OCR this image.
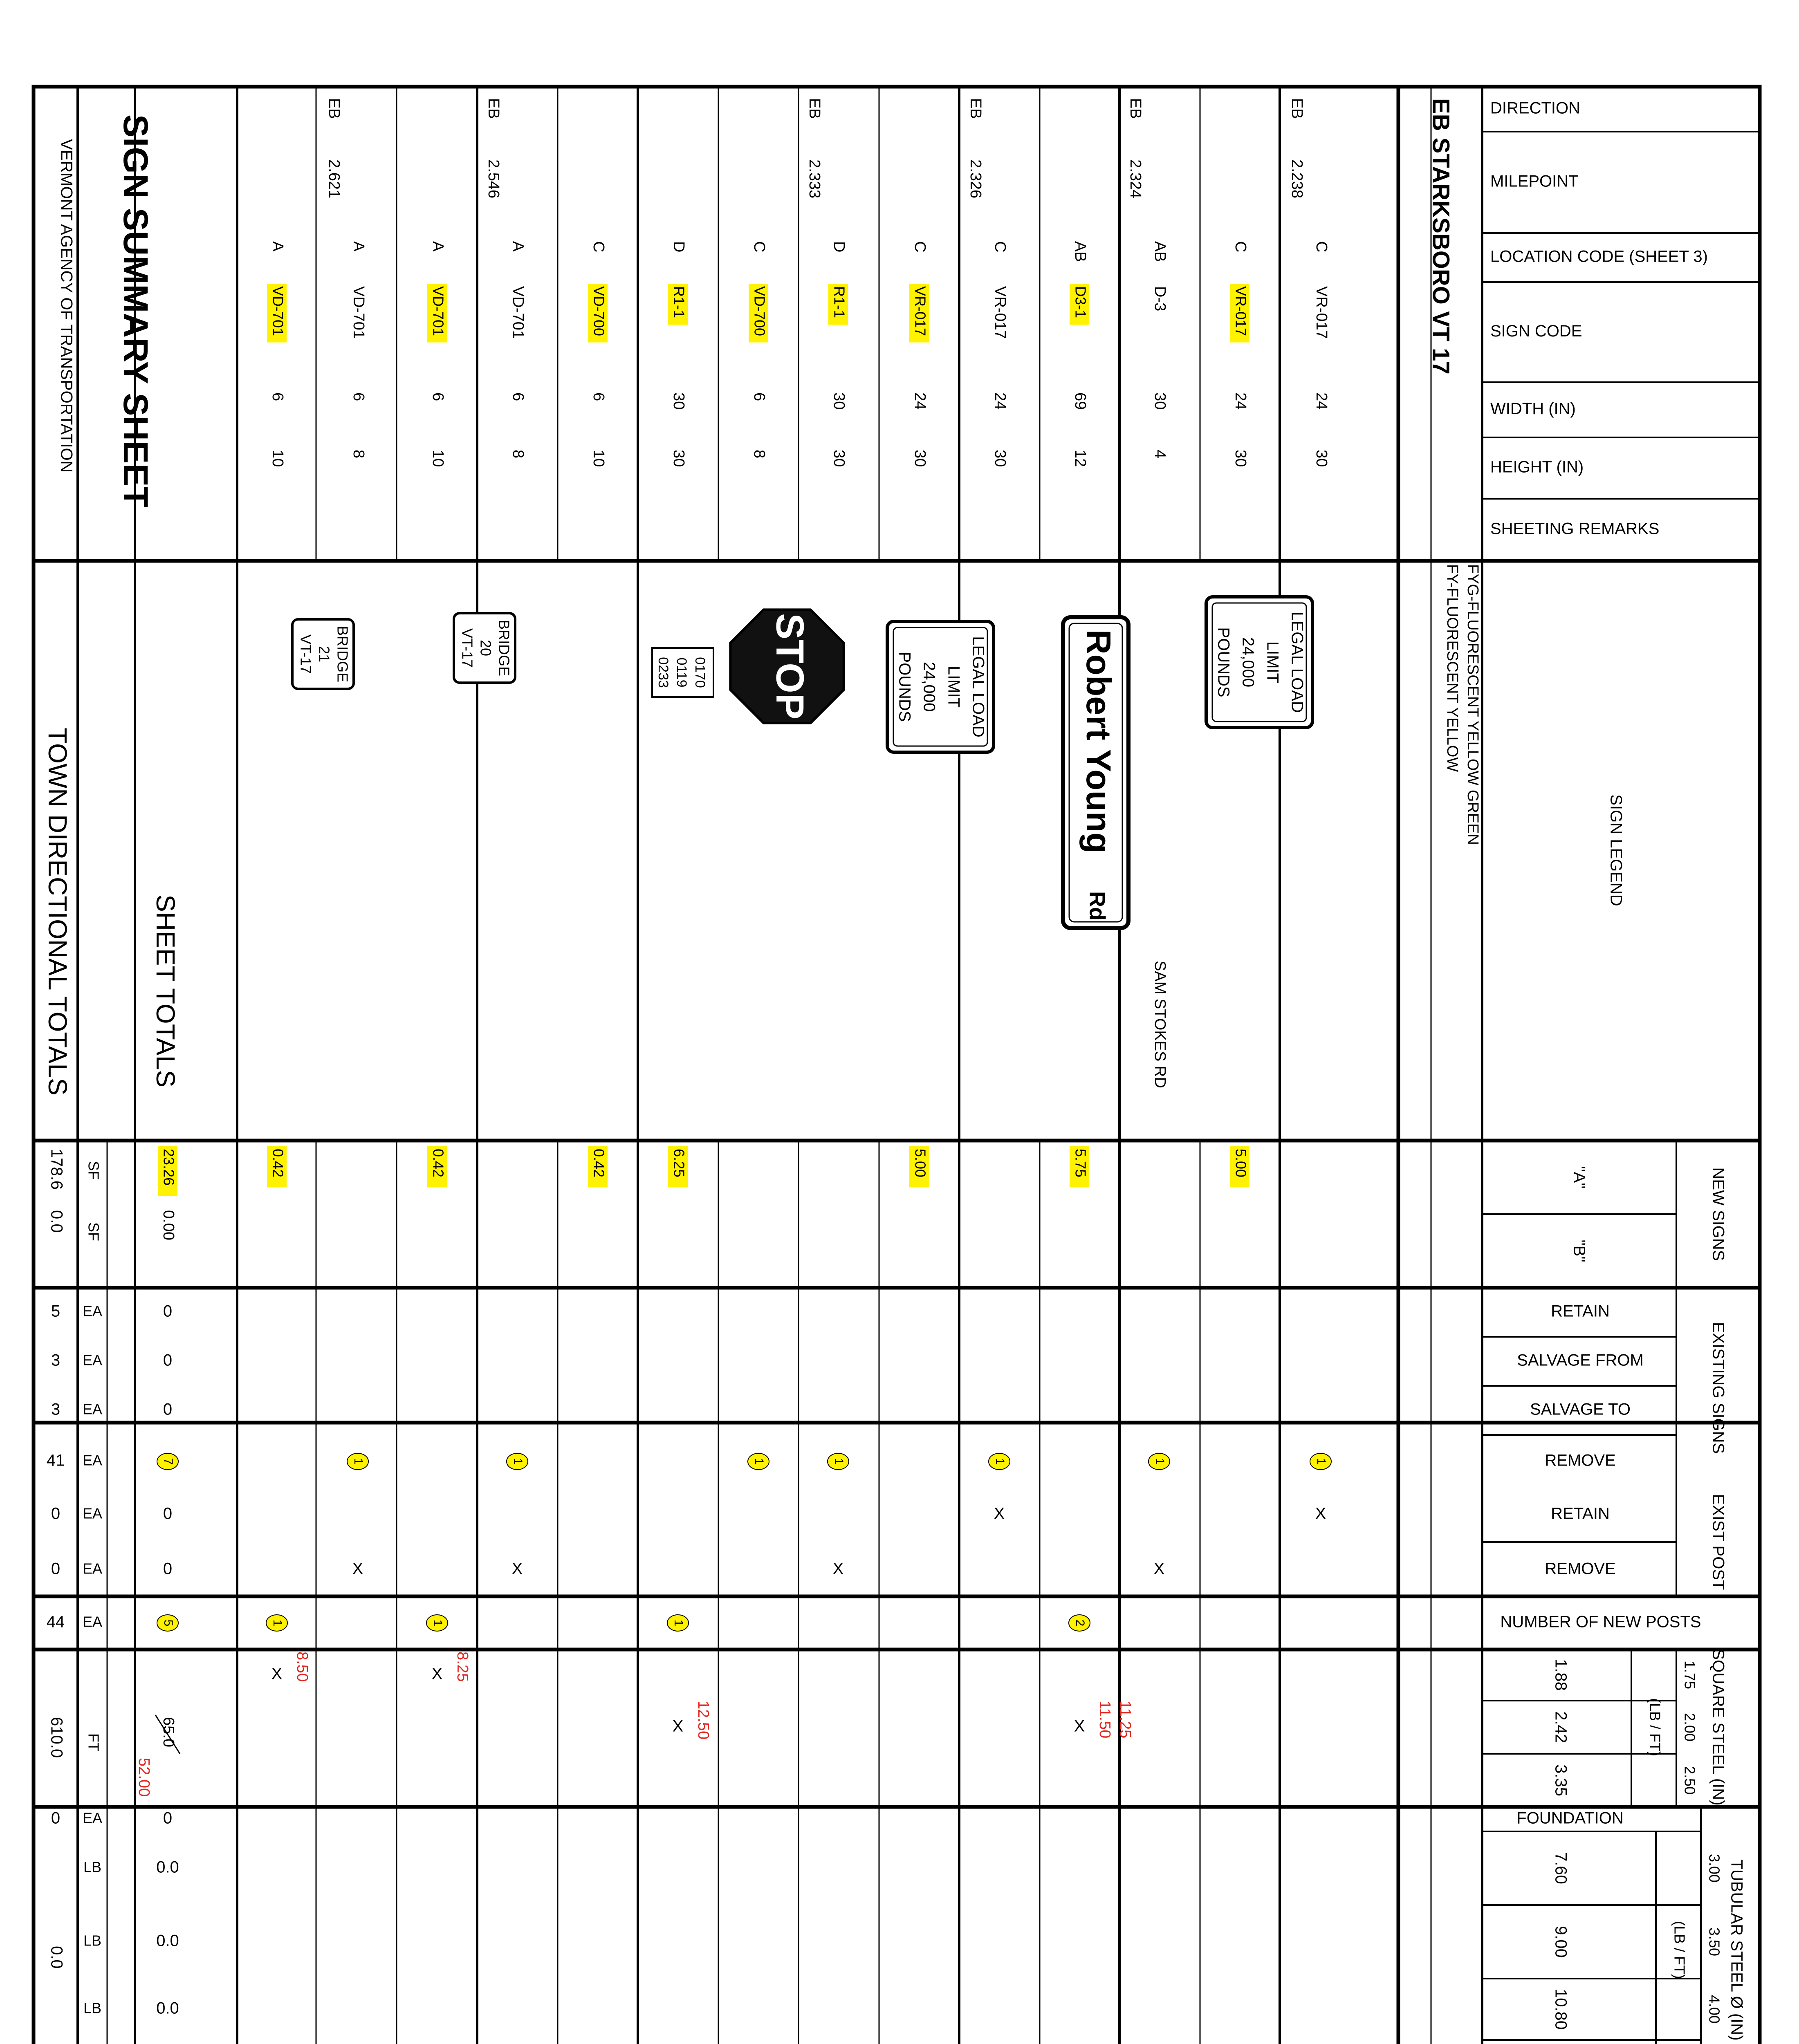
DIRECTION
MILEPOINT
LOCATION CODE (SHEET 3)
SIGN CODE
WIDTH (IN)
HEIGHT (IN)
SHEETING REMARKS
SIGN LEGEND
NEW SIGNS
"A"
"B"
RETAIN
SALVAGE FROM
SALVAGE TO
REMOVE
EXISTING SIGNS
RETAIN
REMOVE	EXIST POST
NUMBER OF NEW POSTS
SQUARE STEEL (IN)
(LB / FT)
1.75
1.88
2.00
2.42
2.50
3.35
FOUNDATION
TUBULAR STEEL Ø (IN)
(LB / FT)
3.00
7.60
3.50
9.00
4.00
10.80
EB STARKSBORO VT 17
FY-FLUORESCENT YELLOW FYG-FLUORESCENT YELLOW GREEN
EB
2.238
C
VR-017
24
30
1
X
C
VR-017
24
30
5.00
EB
2.324
AB
D-3
30
4
SAM STOKES RD
1
X
AB
D3-1
69
12
5.75
2
11.50 11.25
X
EB
2.326
C
VR-017
24
30
1
X
C
VR-017
24
30
5.00
EB
2.333
D
R1-1
30
30
1
X
C
VD-700
6
8
1
D
R1-1
30
30
6.25
1
12.50
X
C
VD-700
6
10
0.42
EB
2.546
A
VD-701
6
8
1
X
A
VD-701
6
10
0.42
1
8.25
X
EB
2.621
A
VD-701
6
8
1
X
A
VD-701
6
10
0.42
1
8.50
X
LEGAL LOAD
LIMIT
24,000
POUNDS
LEGAL LOAD
LIMIT
24,000
POUNDS	Robert Young
Rd
STOP
0170
0119
0233
BRIDGE
20
VT-17
BRIDGE
21
VT-17
SHEET TOTALS
23.26
0.00
0
0
0
7
0
0
5
65.0
52.00
0
0.0
0.0
0.0
SF
SF
EA
EA
EA
EA
EA
EA
EA
FT
EA
LB
LB
LB
TOWN DIRECTIONAL TOTALS
178.6
0.0
5
3
3
41
0
0
44
610.0
0
0.0
SIGN SUMMARY SHEET
VERMONT AGENCY OF TRANSPORTATION
